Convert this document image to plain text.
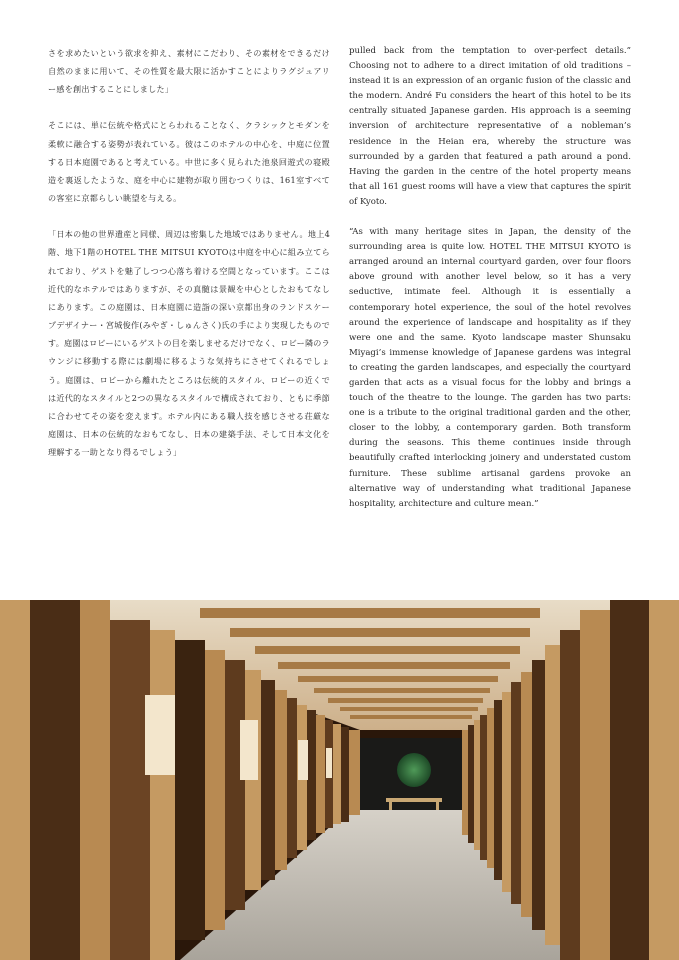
さを求めたいという欲求を抑え、素材にこだわり、その素材をできるだけ自然のままに用いて、その性質を最大限に活かすことによりラグジュアリー感を創出することにしました」

そこには、単に伝統や格式にとらわれることなく、クラシックとモダンを柔軟に融合する姿勢が表れている。彼はこのホテルの中心を、中庭に位置する日本庭園であると考えている。中世に多く見られた池泉回遊式の寝殿造を裏返したような、庭を中心に建物が取り囲むつくりは、161室すべての客室に京都らしい眺望を与える。

「日本の他の世界遺産と同様、周辺は密集した地域ではありません。地上4階、地下1階のHOTEL THE MITSUI KYOTOは中庭を中心に組み立てられており、ゲストを魅了しつつ心落ち着ける空間となっています。ここは近代的なホテルではありますが、その真髄は景観を中心としたおもてなしにあります。この庭園は、日本庭園に造詣の深い京都出身のランドスケープデザイナー・宮城俊作(みやぎ・しゅんさく)氏の手により実現したものです。庭園はロビーにいるゲストの目を楽しませるだけでなく、ロビー隣のラウンジに移動する際には劇場に移るような気持ちにさせてくれるでしょう。庭園は、ロビーから離れたところは伝統的スタイル、ロビーの近くでは近代的なスタイルと2つの異なるスタイルで構成されており、ともに季節に合わせてその姿を変えます。ホテル内にある職人技を感じさせる荘厳な庭園は、日本の伝統的なおもてなし、日本の建築手法、そして日本文化を理解する一助となり得るでしょう」

pulled back from the temptation to over-perfect details.” Choosing not to adhere to a direct imitation of old traditions – instead it is an expression of an organic fusion of the classic and the modern. André Fu considers the heart of this hotel to be its centrally situated Japanese garden. His approach is a seeming inversion of architecture representative of a nobleman’s residence in the Heian era, whereby the structure was surrounded by a garden that featured a path around a pond. Having the garden in the centre of the hotel property means that all 161 guest rooms will have a view that captures the spirit of Kyoto.

“As with many heritage sites in Japan, the density of the surrounding area is quite low. HOTEL THE MITSUI KYOTO is arranged around an internal courtyard garden, over four floors above ground with another level below, so it has a very seductive, intimate feel. Although it is essentially a contemporary hotel experience, the soul of the hotel revolves around the experience of landscape and hospitality as if they were one and the same. Kyoto landscape master Shunsaku Miyagi’s immense knowledge of Japanese gardens was integral to creating the garden landscapes, and especially the courtyard garden that acts as a visual focus for the lobby and brings a touch of the theatre to the lounge. The garden has two parts: one is a tribute to the original traditional garden and the other, closer to the lobby, a contemporary garden. Both transform during the seasons. This theme continues inside through beautifully crafted interlocking joinery and understated custom furniture. These sublime artisanal gardens provoke an alternative way of understanding what traditional Japanese hospitality, architecture and culture mean.”
